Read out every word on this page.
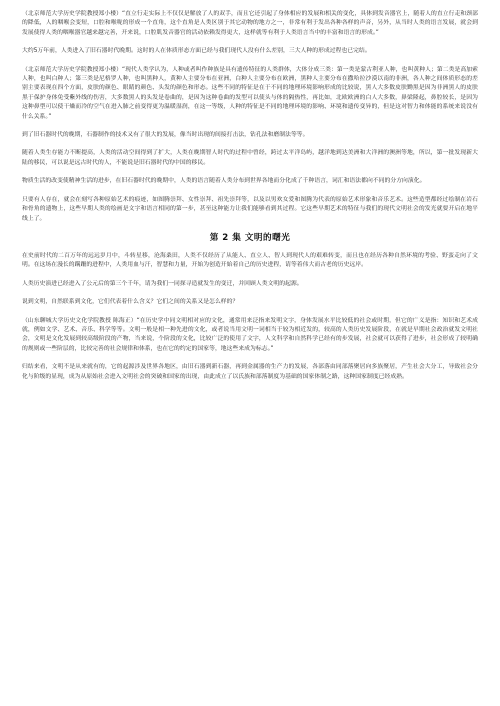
（北京师范大学历史学院教授郑小楼）“直立行走实际上不仅仅是解放了人的双手，而且它还引起了身体相应的发展和相关的变化，具体到发音器官上，随着人的直立行走和颈部的降低，人的咽喉会变短，口腔和喉咙的形成一个直角，这个直角是人类区别于其它动物的地方之一，非常有利于发出各种各样的声音，另外，从当时人类的语言发展，就会到发展使得人类的咽喉器官越来越完善，开来说，口腔肌发音器官的活动依赖发得更大，这样就等有利于人类语言当中的丰富和语言的形成。”

大约5万年前，人类进入了旧石器时代晚期。这时的人在体质形态方面已经与我们现代人没有什么差别，三大人种的形成过程也已完结。

（北京师范大学历史学院教授郑小楼）“现代人类学认为，人种或者叫作种族是具有遗传特征的人类群体，大体分成三类：第一类是蒙古利亚人种，也叫黄种人；第二类是高加索人种，也叫白种人；第三类是尼格罗人种，也叫黑种人，黄种人主要分布在亚洲，白种人主要分布在欧洲，黑种人主要分布在撒哈拉沙漠以南的非洲，各人种之间体质形态的差别主要表现在四个方面，皮肤的颜色、眼睛的颜色、头发的颜色和形态。这些不同的特征是在于不同的地理环境影响形成的比较说，黑人大多数皮肤黝黑是因为非洲黑人的皮肤黑于保护身体免受紫外线的伤害，大多数黑人的头发是卷曲的，是因为这种卷曲的发型可以使头与体的隔热性，再比如，北欧欧洲的白人大多数，鼻梁隆起，鼻腔较长，是因为这种鼻型可以使干燥而冷的空气在进入肺之前变得更为温暖湿润，在这一等级，人种的特征是不同的地理环境的影响、环境和遗传变异的，但是这对智力和体能的系统来说没有什么关系。”

到了旧石器时代的晚期，石器制作的技术又有了很大的发展，像当时出现的间接打击法，钻孔法和磨制法等等。

随着人类生存能力不断提高，人类的活动空间得到了扩大，人类在晚期智人时代的过程中曾经，跨过太平洋岛屿，越洋地到达美洲和大洋洲的澳洲等地，所以，第一批发现新大陆的移民，可以说是远古时代的人，不能说是旧石器时代的中国的移民。

物质生活的改变使精神生活的进步，在旧石器时代的晚期中，人类的语言随着人类分布到世界各地而分化成了千种语言，词汇和语法都向不同的分方向演化。

只要有人存在，就会在刻写各种原始艺术的痕迹，如图腾崇拜、女性崇拜、祖先崇拜等，以及以男欢女爱和图腾为代表的原始艺术形象和音乐艺术。这些造型都经过绘制在岩石和骨角的遗物上，这些早期人类的绘画是文字和语言相同的第一步，甚至这种能力让我们能够看到其过程。它这些早期艺术的特征与我们的现代文明社会的发光就要开启在地平线上了。

第 2 集 文明的曙光

在史前时代的二百万年的远远岁月中，斗转星移，沧海桑田，人类不仅经历了从能人、直立人、智人到现代人的艰难转变，而且也在经历各种自然环境的考验、野蛮走向了文明。在这场在漫长的蹒跚的进程中，人类用血与汗，智慧和力量，开始为创造开始着自己的历史进程，请等着伟大而古老的历史远岸。

人类历史演进已经进入了公元后的第三个千年，请为我们一同探寻造就发生的变迁，并回顾人类文明的起源。

说到文明，自然联系到文化，它们代表着什么含义？它们之间的关系又是怎么样的？

（山东聊城大学历史文化学院教授 陈海正）“在历史学中同文明相对应的文化，通常用来泛指来发明文字，身体发展水平比较低的社会或时期，但它的广义是指：知识和艺术成就，例如文学、艺术、音乐、科学等等。文明一般是相一种先进的文化，或者说当用文明一词相当于较为相近发的，较高的人类历史发展阶段，在就是早期社会政治就发文明社会，文明是文化发展到较高级阶段的产物，当来说，个阶段的文化，比较广泛的使用了文字，人文科学和自然科学已经有的步发展，社会就可以获得了进步，社会形成了较明确的规则或一些阶层的，比较完善的社会规律和体系，也在它的约定的国家等，地这些来成为标志。”

归结来看，文明不是从来就有的，它的起源涉及世界各地区，由旧石器到新石器，再到金属器的生产力的发展，各部落由同部落聚居向多族聚居，产生社会大分工，导致社会分化与阶级的显现，成为从原始社会进入文明社会的突破和国家的出现，由此成立了以氏族和部落制度为基础的国家体制之路，这种国家制度已经成熟。
